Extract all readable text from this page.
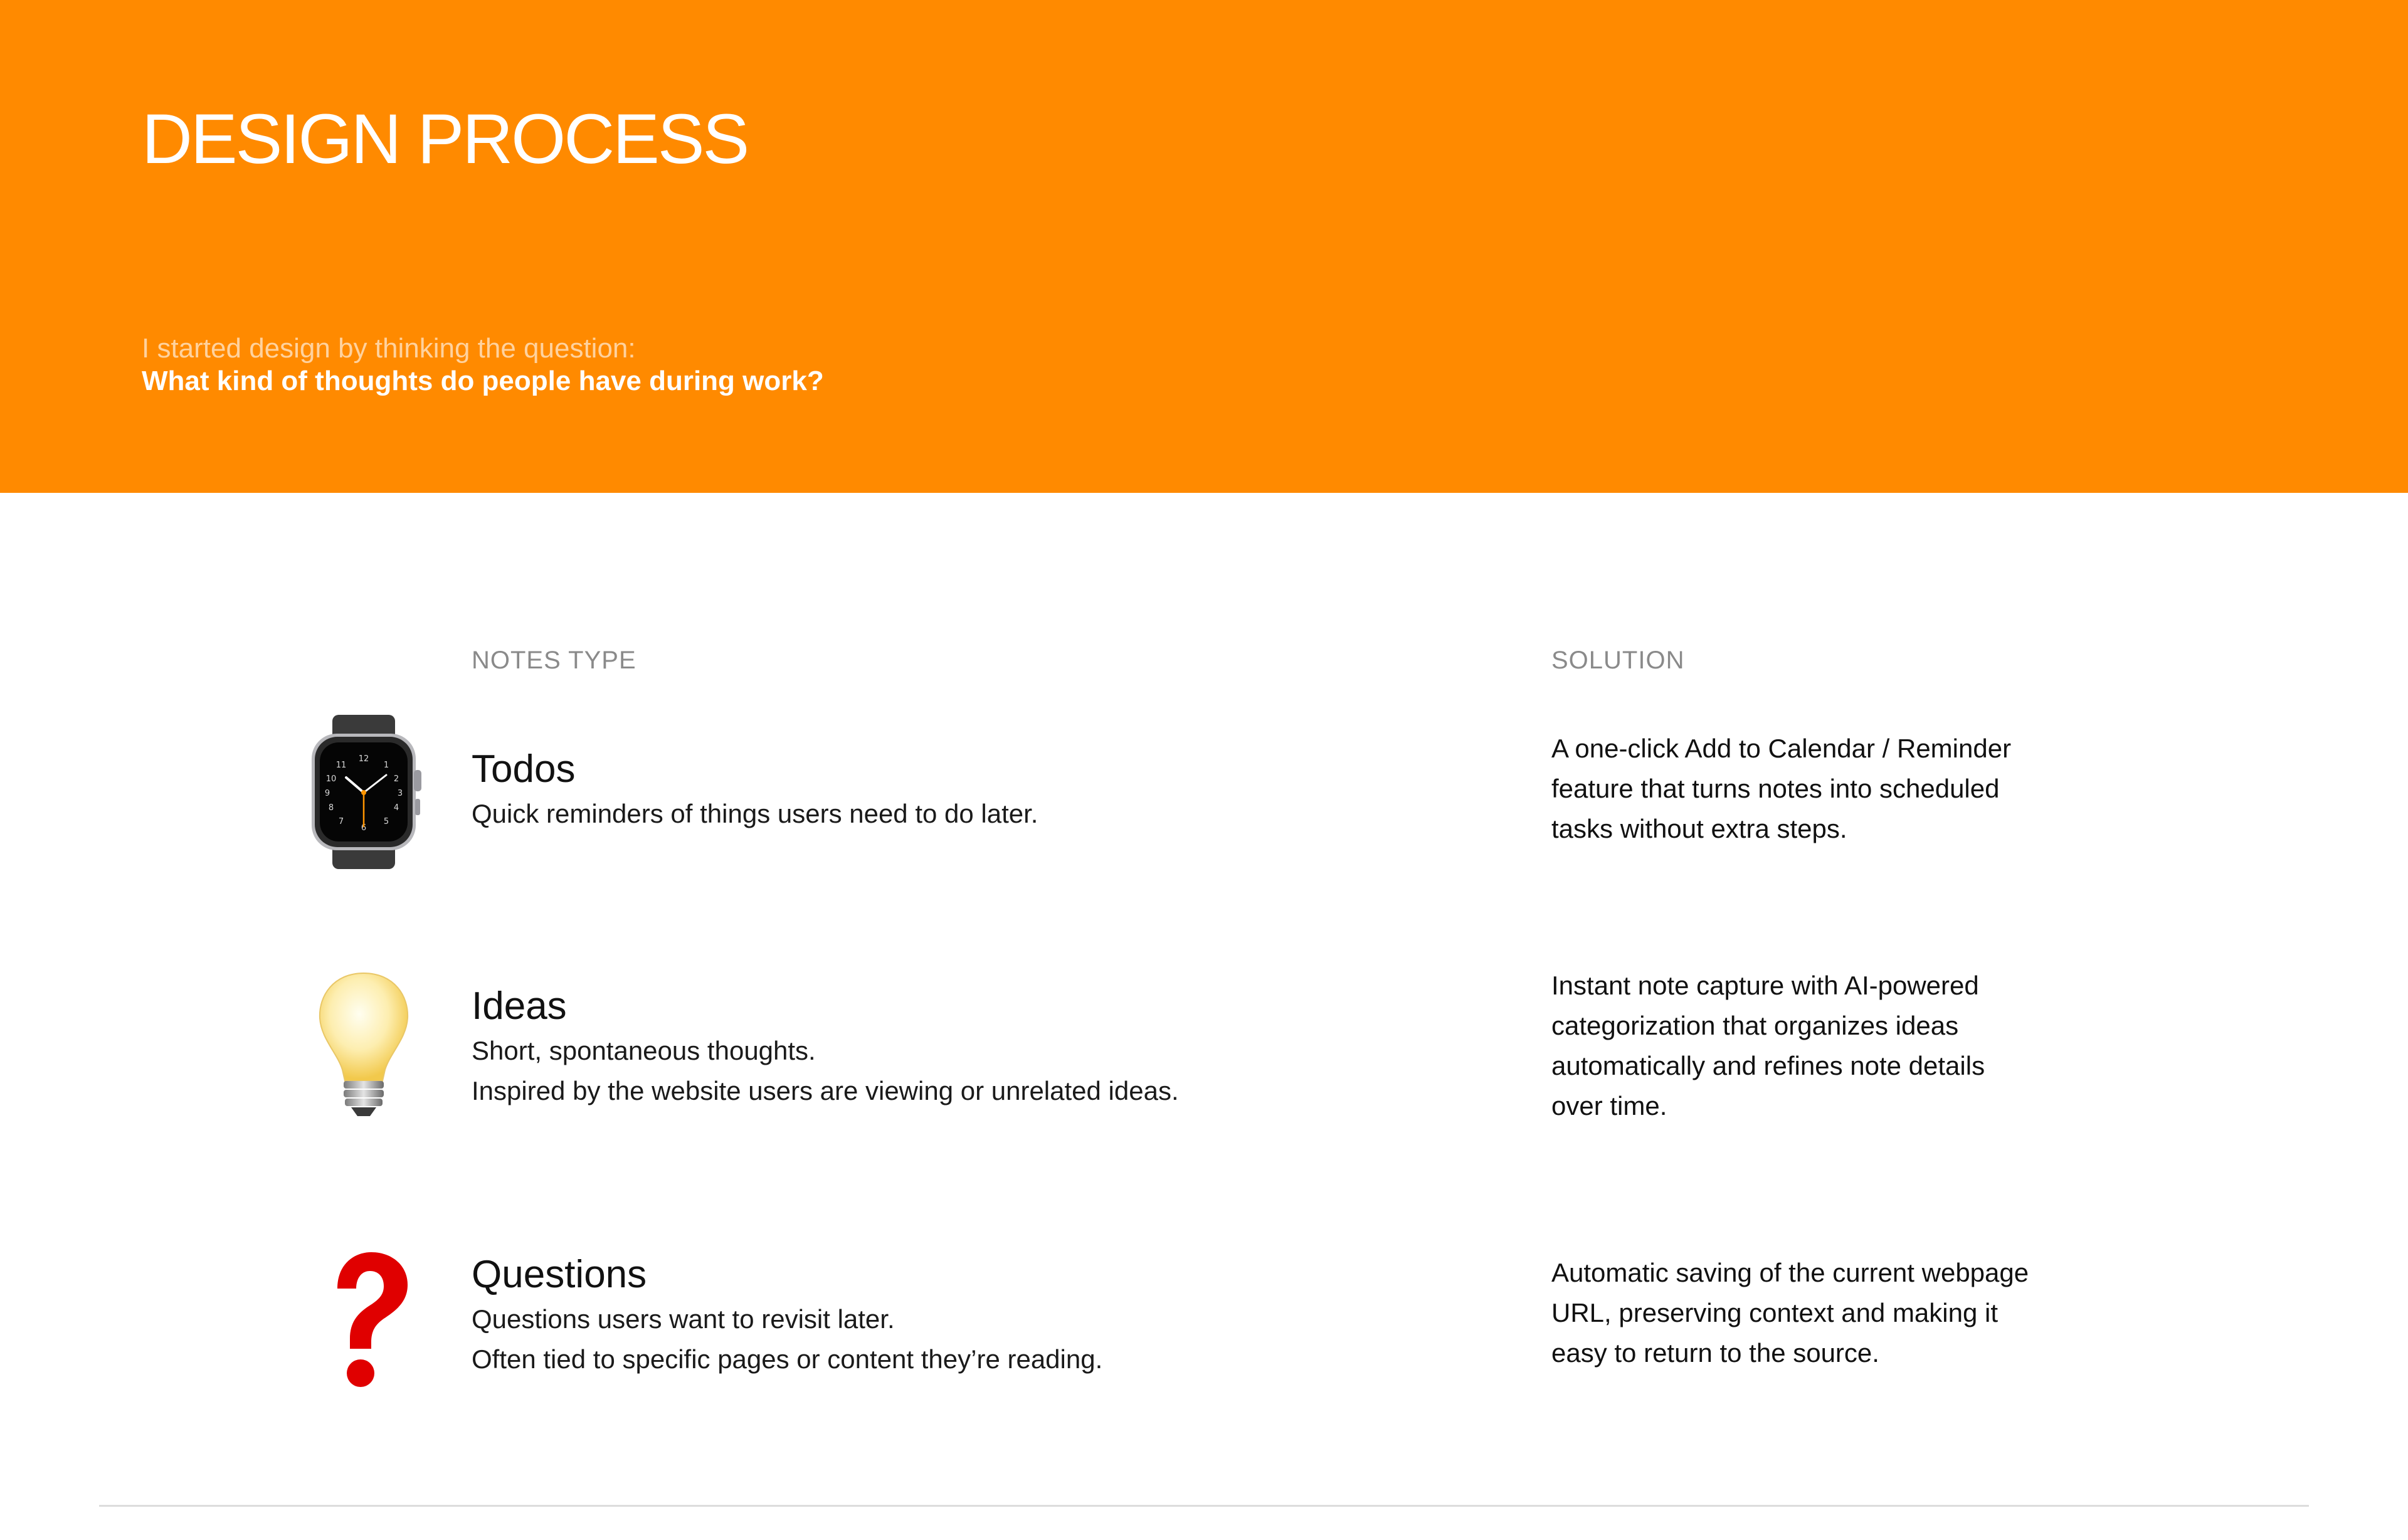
DESIGN PROCESS
I started design by thinking the question:
What kind of thoughts do people have during work?
NOTES TYPE	SOLUTION
12
1
2
3
4
5
6
7
8
9
10
11	Todos
Quick reminders of things users need to do later.
A one-click Add to Calendar / Reminder
feature that turns notes into scheduled
tasks without extra steps.
Ideas
Short, spontaneous thoughts.
Inspired by the website users are viewing or unrelated ideas.
Instant note capture with AI-powered
categorization that organizes ideas
automatically and refines note details
over time.
Questions
Questions users want to revisit later.
Often tied to specific pages or content they’re reading.
Automatic saving of the current webpage
URL, preserving context and making it
easy to return to the source.
